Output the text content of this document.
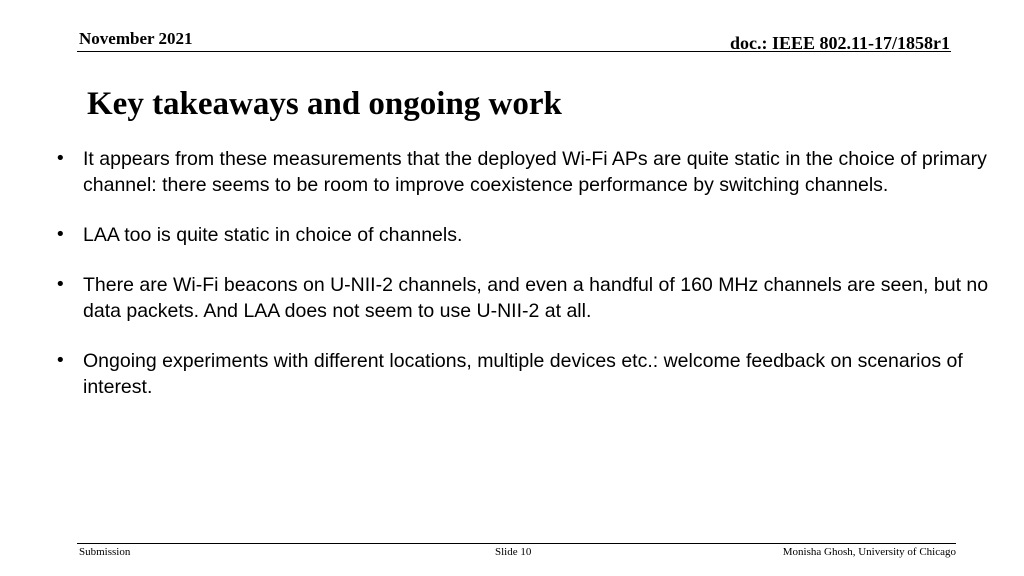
November 2021	doc.: IEEE 802.11-17/1858r1
Key takeaways and ongoing work
• It appears from these measurements that the deployed Wi-Fi APs are quite static in the choice of primary channel: there seems to be room to improve coexistence performance by switching channels.
• LAA too is quite static in choice of channels.
• There are Wi-Fi beacons on U-NII-2 channels, and even a handful of 160 MHz channels are seen, but no data packets. And LAA does not seem to use U-NII-2 at all.
• Ongoing experiments with different locations, multiple devices etc.: welcome feedback on scenarios of interest.
Submission	Slide 10	Monisha Ghosh, University of Chicago
